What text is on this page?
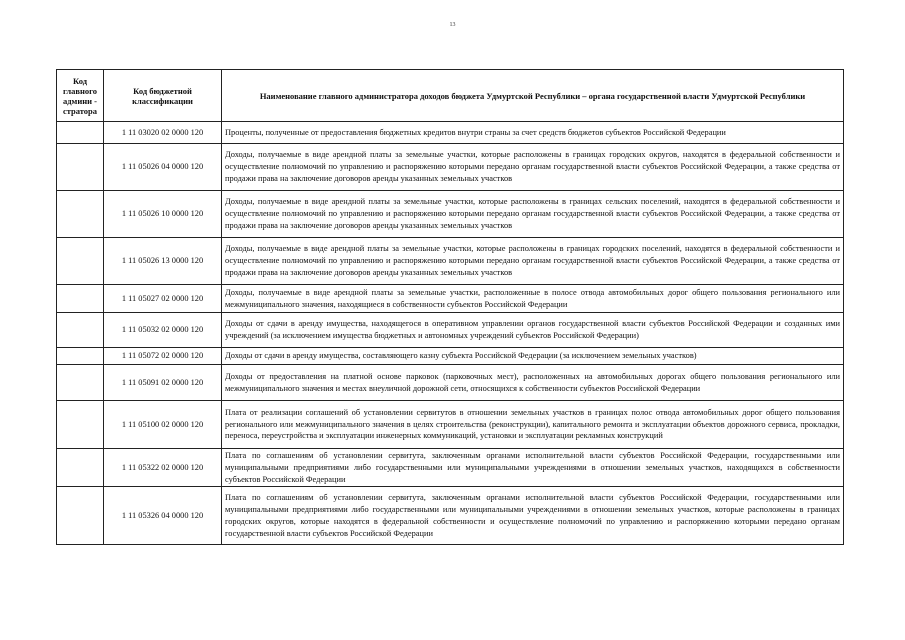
13
Код главного админи - стратора	Код бюджетной классификации	Наименование главного администратора доходов бюджета Удмуртской Республики – органа государственной власти Удмуртской Республики
	1 11 03020 02 0000 120	Проценты, полученные от предоставления бюджетных кредитов внутри страны за счет средств бюджетов субъектов Российской Федерации
	1 11 05026 04 0000 120	Доходы, получаемые в виде арендной платы за земельные участки, которые расположены в границах городских округов, находятся в федеральной собственности и осуществление полномочий по управлению и распоряжению которыми передано органам государственной власти субъектов Российской Федерации, а также средства от продажи права на заключение договоров аренды указанных земельных участков
	1 11 05026 10 0000 120	Доходы, получаемые в виде арендной платы за земельные участки, которые расположены в границах сельских поселений, находятся в федеральной собственности и осуществление полномочий по управлению и распоряжению которыми передано органам государственной власти субъектов Российской Федерации, а также средства от продажи права на заключение договоров аренды указанных земельных участков
	1 11 05026 13 0000 120	Доходы, получаемые в виде арендной платы за земельные участки, которые расположены в границах городских поселений, находятся в федеральной собственности и осуществление полномочий по управлению и распоряжению которыми передано органам государственной власти субъектов Российской Федерации, а также средства от продажи права на заключение договоров аренды указанных земельных участков
	1 11 05027 02 0000 120	Доходы, получаемые в виде арендной платы за земельные участки, расположенные в полосе отвода автомобильных дорог общего пользования регионального или межмуниципального значения, находящиеся в собственности субъектов Российской Федерации
	1 11 05032 02 0000 120	Доходы от сдачи в аренду имущества, находящегося в оперативном управлении органов государственной власти субъектов Российской Федерации и созданных ими учреждений (за исключением имущества бюджетных и автономных учреждений субъектов Российской Федерации)
	1 11 05072 02 0000 120	Доходы от сдачи в аренду имущества, составляющего казну субъекта Российской Федерации (за исключением земельных участков)
	1 11 05091 02 0000 120	Доходы от предоставления на платной основе парковок (парковочных мест), расположенных на автомобильных дорогах общего пользования регионального или межмуниципального значения и местах внеуличной дорожной сети, относящихся к собственности субъектов Российской Федерации
	1 11 05100 02 0000 120	Плата от реализации соглашений об установлении сервитутов в отношении земельных участков в границах полос отвода автомобильных дорог общего пользования регионального или межмуниципального значения в целях строительства (реконструкции), капитального ремонта и эксплуатации объектов дорожного сервиса, прокладки, переноса, переустройства и эксплуатации инженерных коммуникаций, установки и эксплуатации рекламных конструкций
	1 11 05322 02 0000 120	Плата по соглашениям об установлении сервитута, заключенным органами исполнительной власти субъектов Российской Федерации, государственными или муниципальными предприятиями либо государственными или муниципальными учреждениями в отношении земельных участков, находящихся в собственности субъектов Российской Федерации
	1 11 05326 04 0000 120	Плата по соглашениям об установлении сервитута, заключенным органами исполнительной власти субъектов Российской Федерации, государственными или муниципальными предприятиями либо государственными или муниципальными учреждениями в отношении земельных участков, которые расположены в границах городских округов, которые находятся в федеральной собственности и осуществление полномочий по управлению и распоряжению которыми передано органам государственной власти субъектов Российской Федерации
